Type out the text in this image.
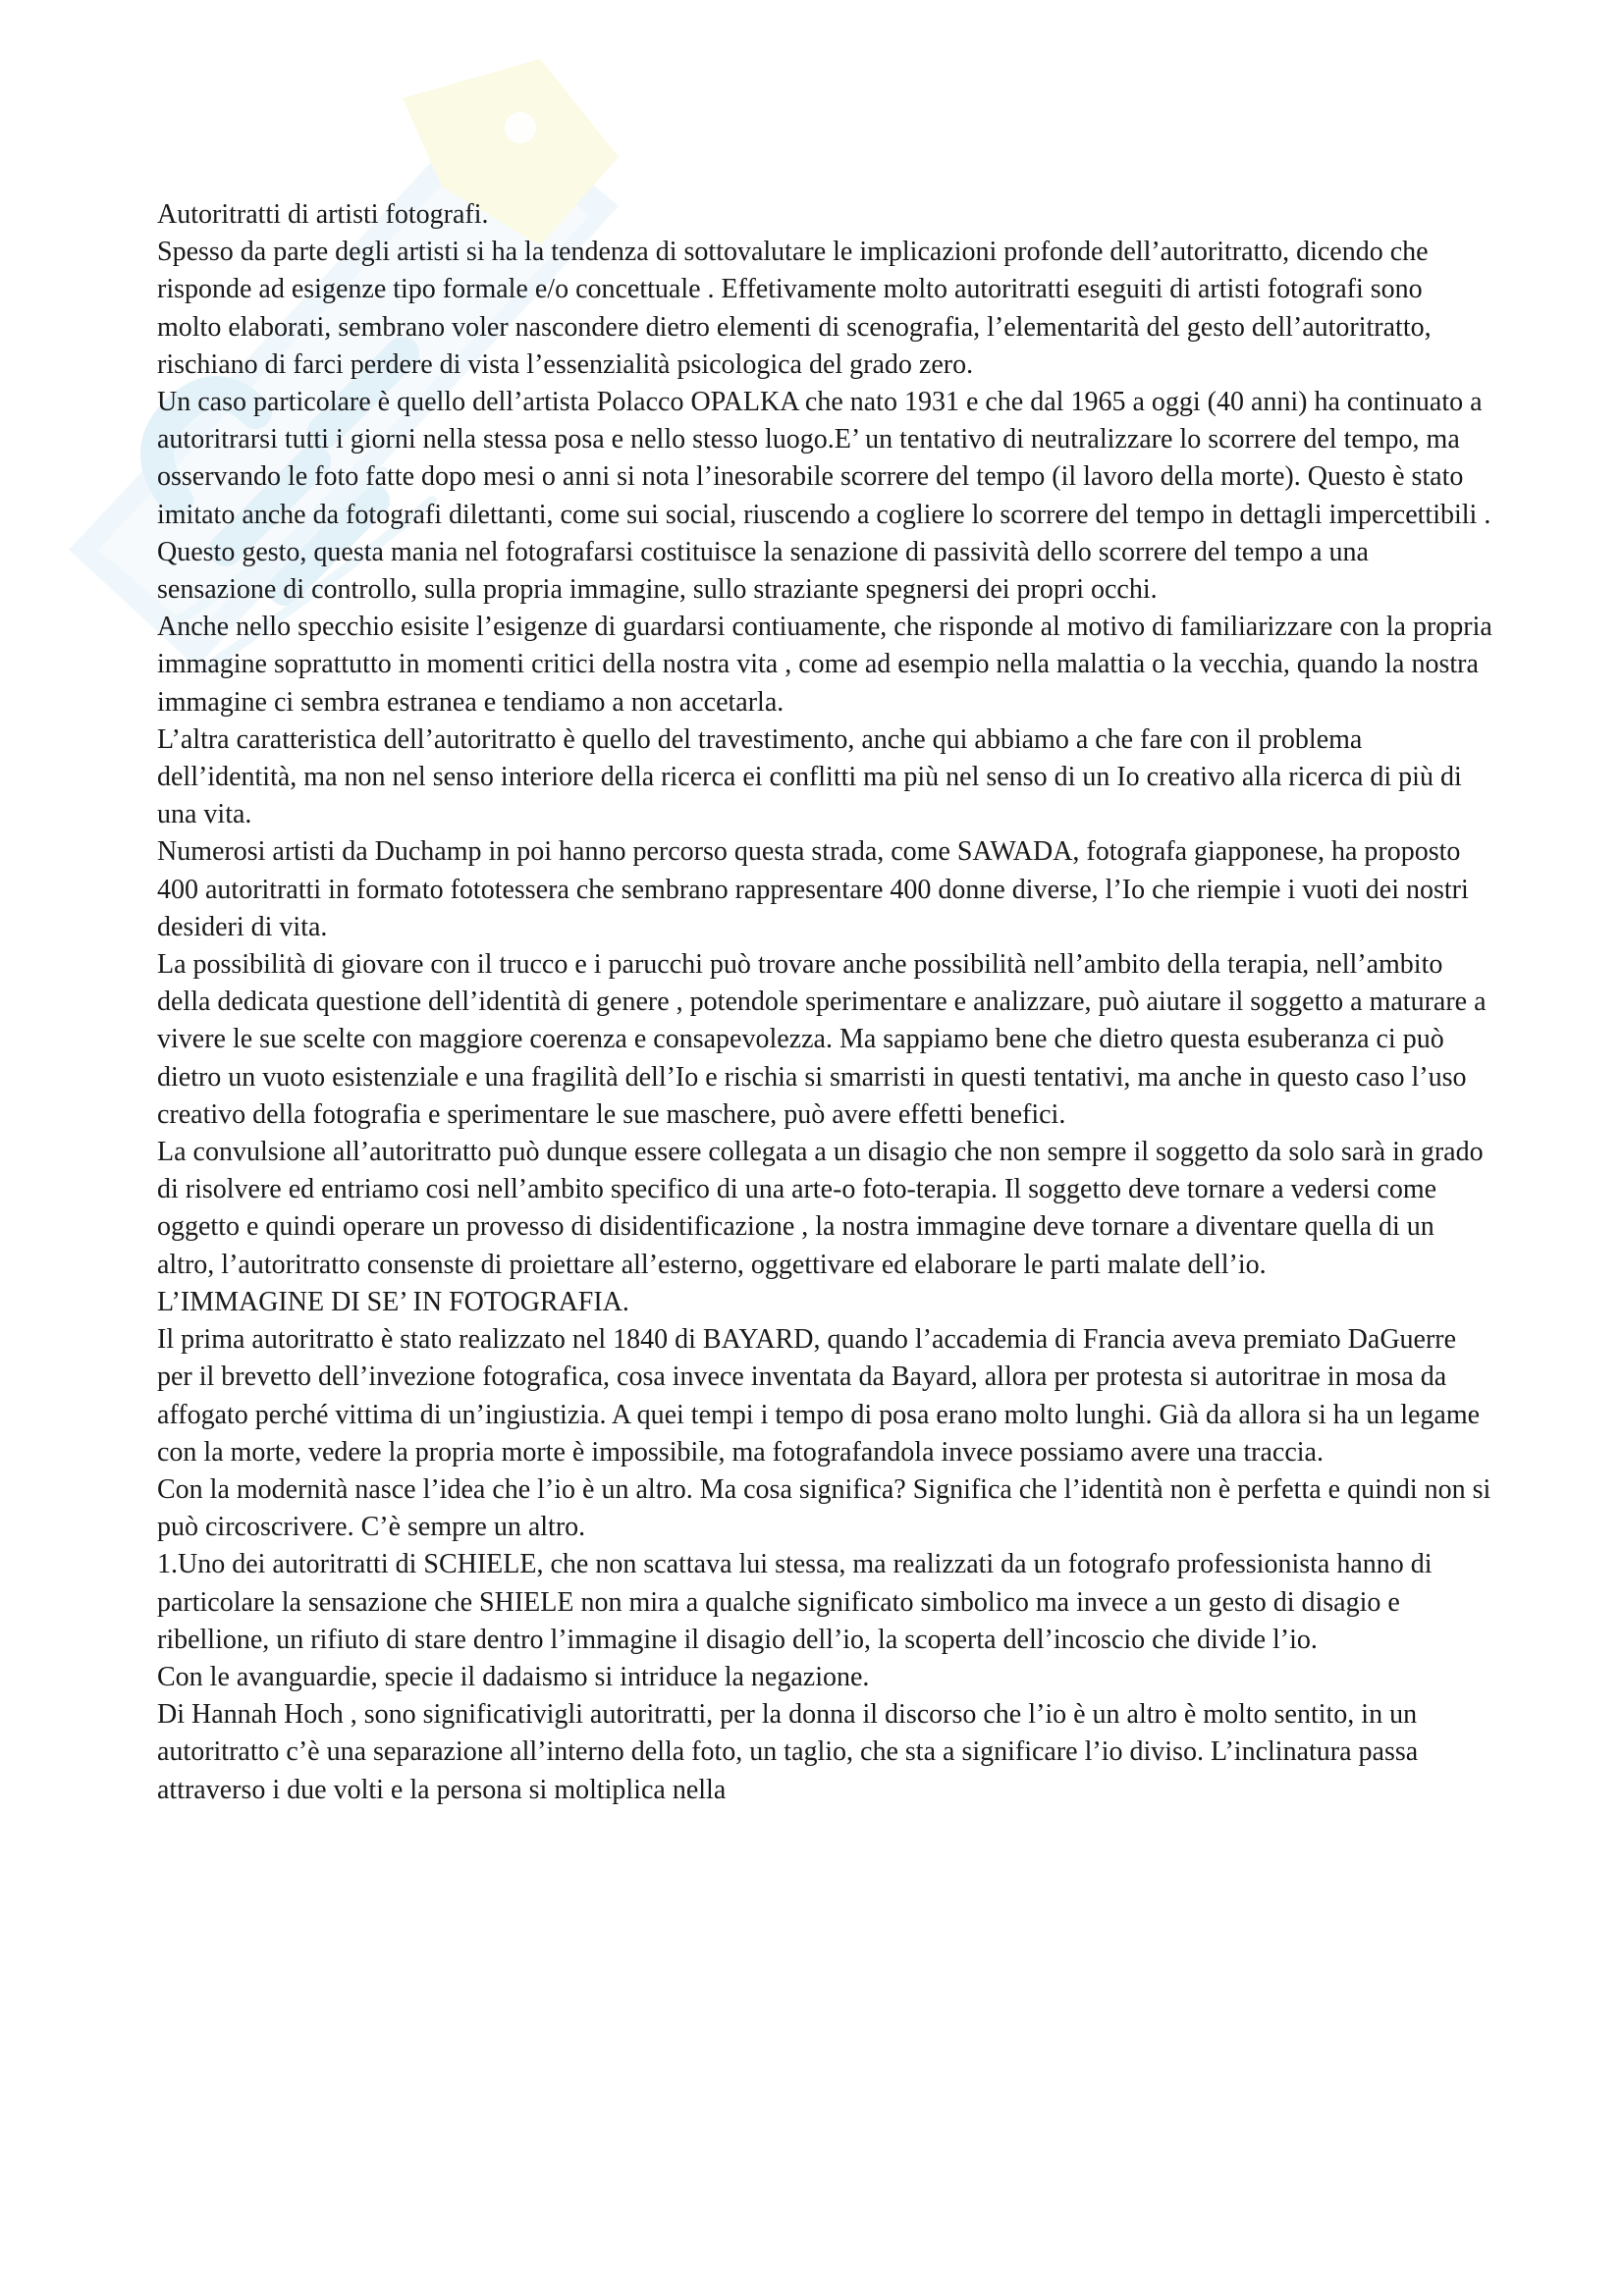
Autoritratti di artisti fotografi.

Spesso da parte degli artisti si ha la tendenza di sottovalutare le implicazioni profonde dell’autoritratto, dicendo che risponde ad esigenze tipo formale e/o concettuale . Effetivamente molto autoritratti eseguiti di artisti fotografi sono molto elaborati, sembrano voler nascondere dietro elementi di scenografia, l’elementarità del gesto dell’autoritratto, rischiano di farci perdere di vista l’essenzialità psicologica del grado zero.

Un caso particolare è quello dell’artista Polacco OPALKA che nato 1931 e che dal 1965 a oggi (40 anni) ha continuato a autoritrarsi tutti i giorni nella stessa posa e nello stesso luogo.E’ un tentativo di neutralizzare lo scorrere del tempo, ma osservando le foto fatte dopo mesi o anni si nota l’inesorabile scorrere del tempo (il lavoro della morte). Questo è stato imitato anche da fotografi dilettanti, come sui social, riuscendo a cogliere lo scorrere del tempo in dettagli impercettibili . Questo gesto, questa mania nel fotografarsi costituisce la senazione di passività dello scorrere del tempo a una sensazione di controllo, sulla propria immagine, sullo straziante spegnersi dei propri occhi.

Anche nello specchio esisite l’esigenze di guardarsi contiuamente, che risponde al motivo di familiarizzare con la propria immagine soprattutto in momenti critici della nostra vita , come ad esempio nella malattia o la vecchia, quando la nostra immagine ci sembra estranea e tendiamo a non accetarla.

L’altra caratteristica dell’autoritratto è quello del travestimento, anche qui abbiamo a che fare con il problema dell’identità, ma non nel senso interiore della ricerca ei conflitti ma più nel senso di un Io creativo alla ricerca di più di una vita.

Numerosi artisti da Duchamp in poi hanno percorso questa strada, come SAWADA, fotografa giapponese, ha proposto 400 autoritratti in formato fototessera che sembrano rappresentare 400 donne diverse, l’Io che riempie i vuoti dei nostri desideri di vita.

La possibilità di giovare con il trucco e i parucchi può trovare anche possibilità nell’ambito della terapia, nell’ambito della dedicata questione dell’identità di genere , potendole sperimentare e analizzare, può aiutare il soggetto a maturare a vivere le sue scelte con maggiore coerenza e consapevolezza. Ma sappiamo bene che dietro questa esuberanza ci può dietro un vuoto esistenziale e una fragilità dell’Io e rischia si smarristi in questi tentativi, ma anche in questo caso l’uso creativo della fotografia e sperimentare le sue maschere, può avere effetti benefici.

La convulsione all’autoritratto può dunque essere collegata a un disagio che non sempre il soggetto da solo sarà in grado di risolvere ed entriamo cosi nell’ambito specifico di una arte-o foto-terapia. Il soggetto deve tornare a vedersi come oggetto e quindi operare un provesso di disidentificazione , la nostra immagine deve tornare a diventare quella di un altro, l’autoritratto consenste di proiettare all’esterno, oggettivare ed elaborare le parti malate dell’io.

L’IMMAGINE DI SE’ IN FOTOGRAFIA.

Il prima autoritratto è stato realizzato nel 1840 di BAYARD, quando l’accademia di Francia aveva premiato DaGuerre per il brevetto dell’invezione fotografica, cosa invece inventata da Bayard, allora per protesta si autoritrae in mosa da affogato perché vittima di un’ingiustizia. A quei tempi i tempo di posa erano molto lunghi. Già da allora si ha un legame con la morte, vedere la propria morte è impossibile, ma fotografandola invece possiamo avere una traccia.

Con la modernità nasce l’idea che l’io è un altro. Ma cosa significa? Significa che l’identità non è perfetta e quindi non si può circoscrivere. C’è sempre un altro.

1.Uno dei autoritratti di SCHIELE, che non scattava lui stessa, ma realizzati da un fotografo professionista hanno di particolare la sensazione che SHIELE non mira a qualche significato simbolico ma invece a un gesto di disagio e ribellione, un rifiuto di stare dentro l’immagine il disagio dell’io, la scoperta dell’incoscio che divide l’io.

Con le avanguardie, specie il dadaismo si intriduce la negazione.

Di Hannah Hoch , sono significativigli autoritratti, per la donna il discorso che l’io è un altro è molto sentito, in un autoritratto c’è una separazione all’interno della foto, un taglio, che sta a significare l’io diviso. L’inclinatura passa attraverso i due volti e la persona si moltiplica nella
